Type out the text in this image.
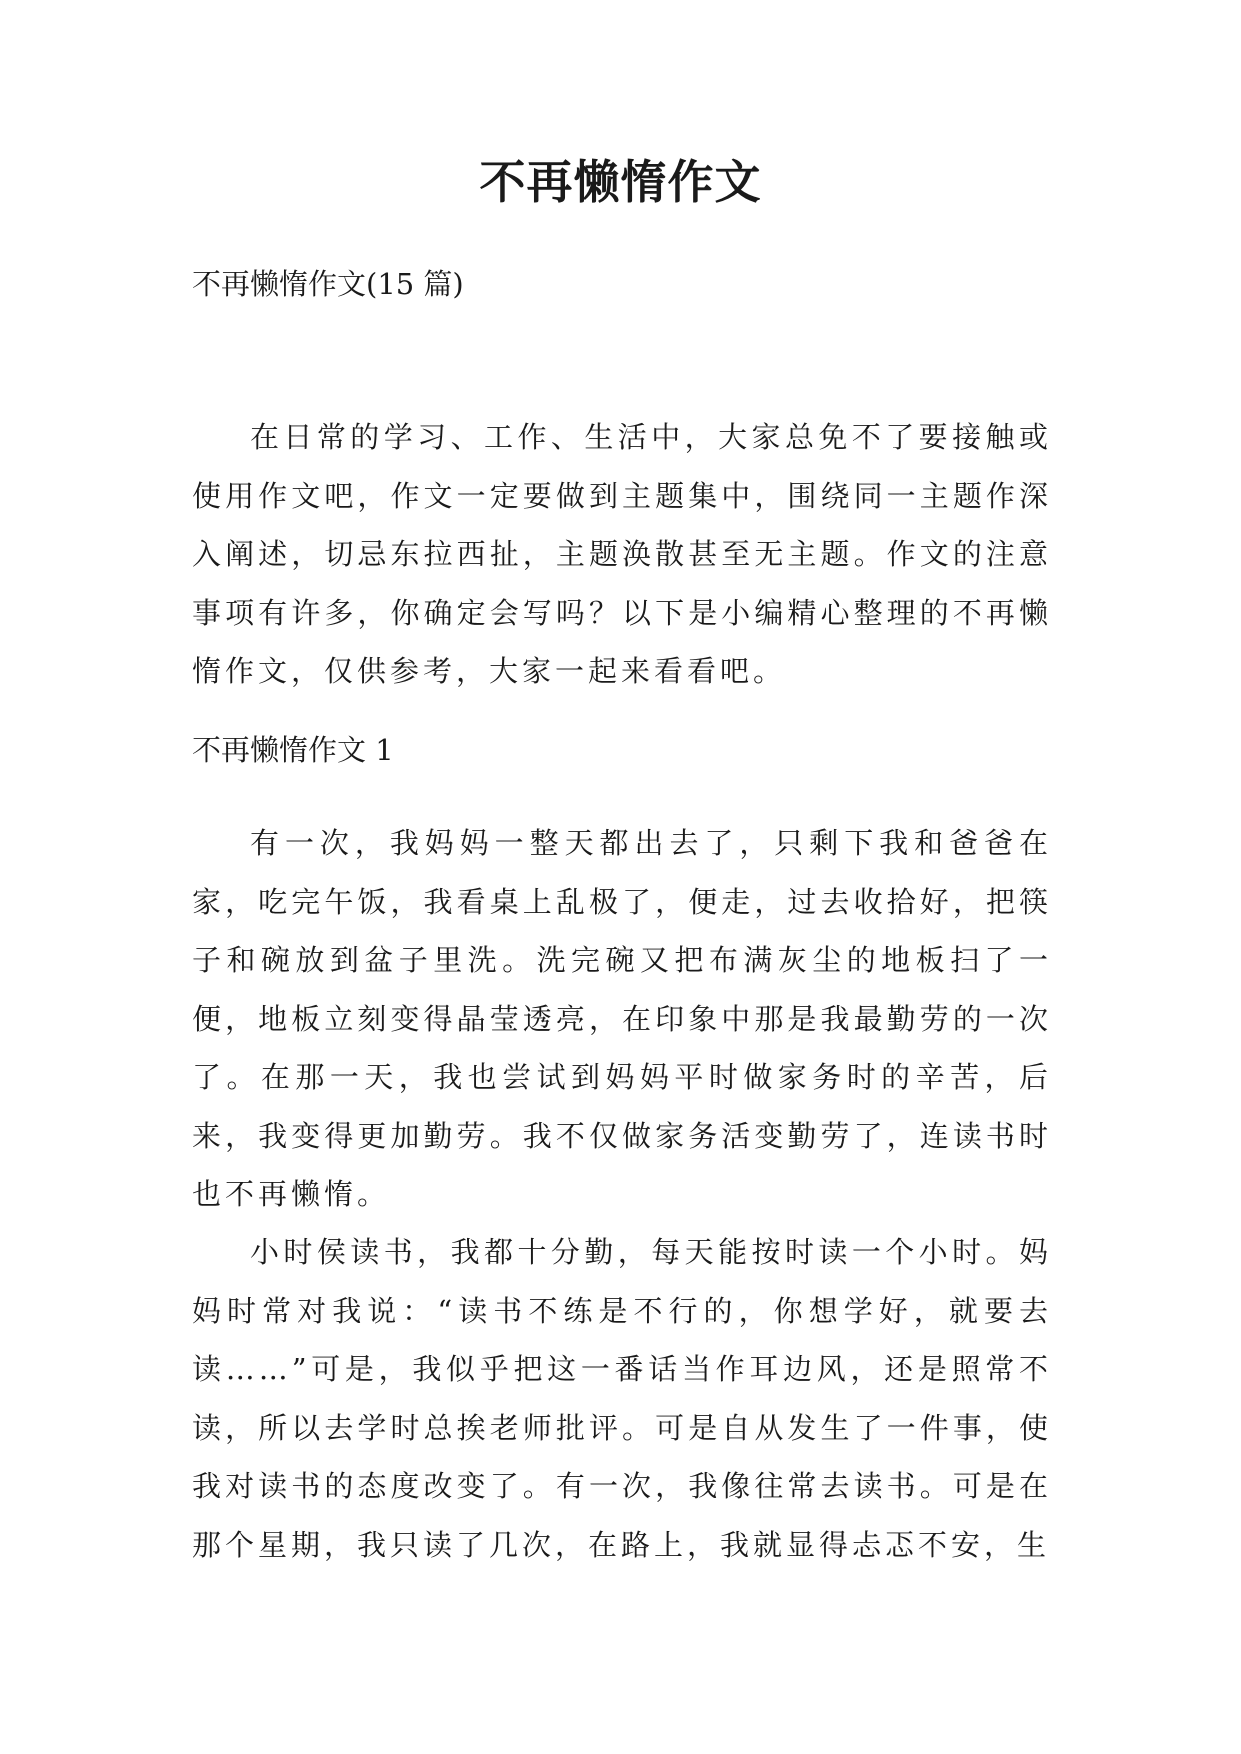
不再懒惰作文

不再懒惰作文(15 篇)

在日常的学习、工作、生活中，大家总免不了要接触或使用作文吧，作文一定要做到主题集中，围绕同一主题作深入阐述，切忌东拉西扯，主题涣散甚至无主题。作文的注意事项有许多，你确定会写吗？以下是小编精心整理的不再懒惰作文，仅供参考，大家一起来看看吧。

不再懒惰作文 1

有一次，我妈妈一整天都出去了，只剩下我和爸爸在家，吃完午饭，我看桌上乱极了，便走，过去收拾好，把筷子和碗放到盆子里洗。洗完碗又把布满灰尘的地板扫了一便，地板立刻变得晶莹透亮，在印象中那是我最勤劳的一次了。在那一天，我也尝试到妈妈平时做家务时的辛苦，后来，我变得更加勤劳。我不仅做家务活变勤劳了，连读书时也不再懒惰。

小时侯读书，我都十分勤，每天能按时读一个小时。妈妈时常对我说：“读书不练是不行的，你想学好，就要去读……”可是，我似乎把这一番话当作耳边风，还是照常不读，所以去学时总挨老师批评。可是自从发生了一件事，使我对读书的态度改变了。有一次，我像往常去读书。可是在那个星期，我只读了几次，在路上，我就显得忐忑不安，生
